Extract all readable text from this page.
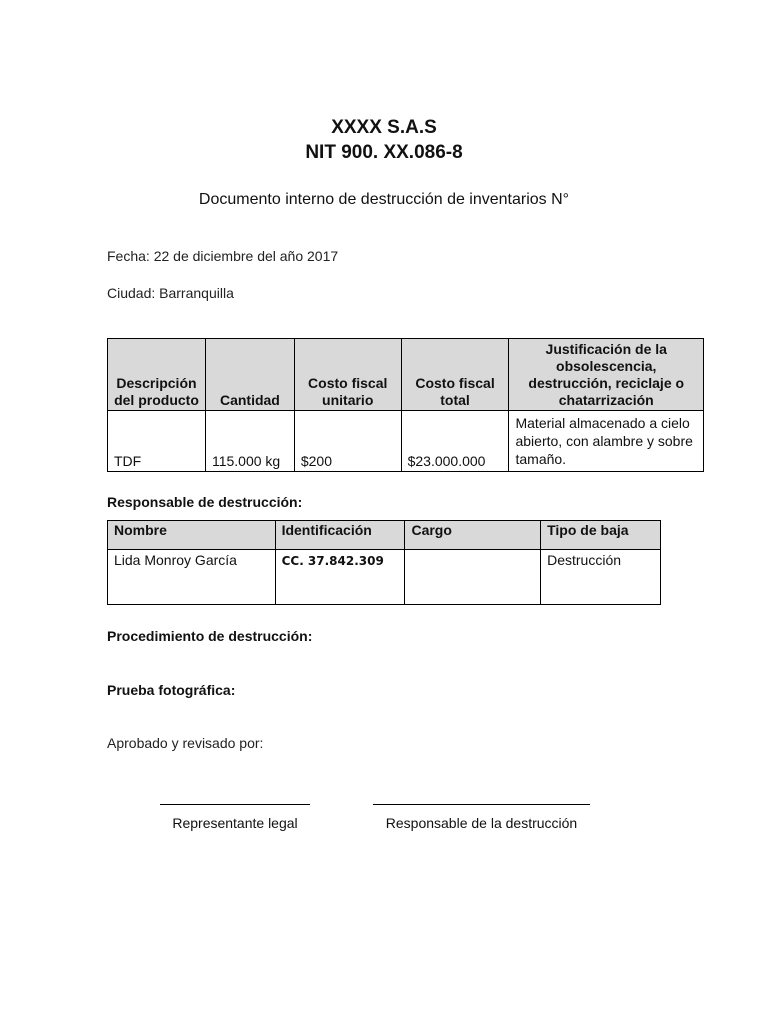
XXXX S.A.S
NIT 900. XX.086-8
Documento interno de destrucción de inventarios N°
Fecha: 22 de diciembre del año 2017
Ciudad: Barranquilla
Descripción del producto	Cantidad	Costo fiscal unitario	Costo fiscal total	Justificación de la obsolescencia, destrucción, reciclaje o chatarrización
TDF	115.000 kg	$200	$23.000.000	Material almacenado a cielo abierto, con alambre y sobre tamaño.
Responsable de destrucción:
Nombre	Identificación	Cargo	Tipo de baja
Lida Monroy García	CC. 37.842.309		Destrucción
Procedimiento de destrucción:
Prueba fotográfica:
Aprobado y revisado por:
Representante legal	Responsable de la destrucción
